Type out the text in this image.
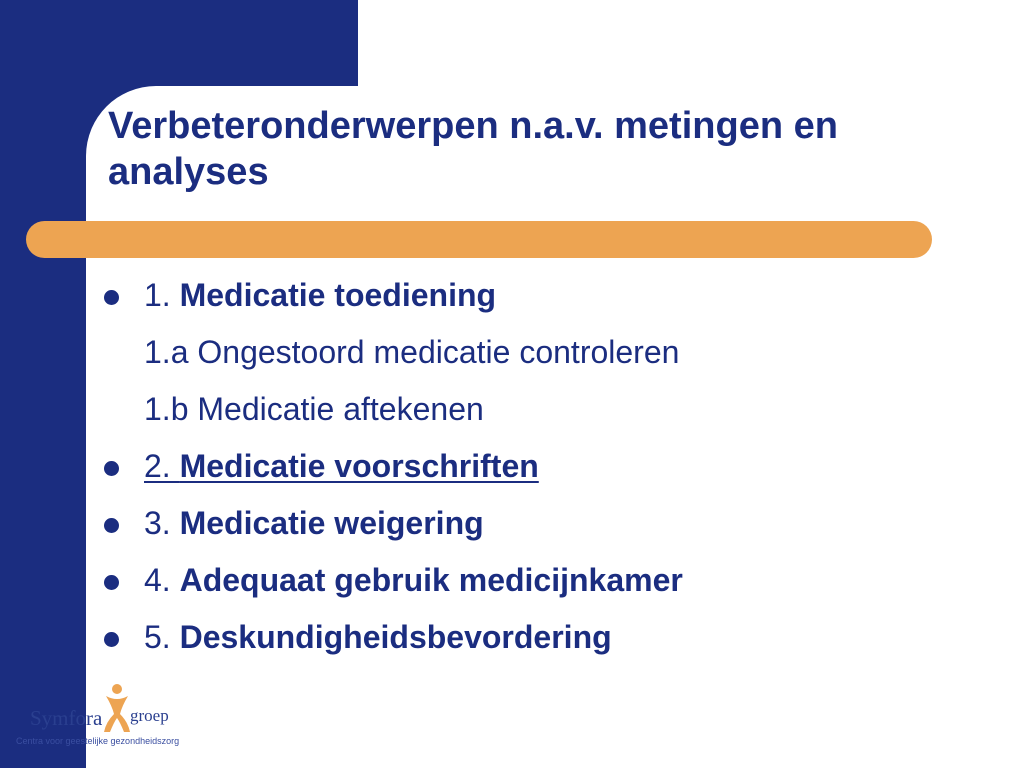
Verbeteronderwerpen n.a.v. metingen en analyses
1. Medicatie toediening
1.a Ongestoord medicatie controleren
1.b Medicatie aftekenen
2. Medicatie voorschriften
3. Medicatie weigering
4. Adequaat gebruik medicijnkamer
5. Deskundigheidsbevordering
Symfora groep
Centra voor geestelijke gezondheidszorg
